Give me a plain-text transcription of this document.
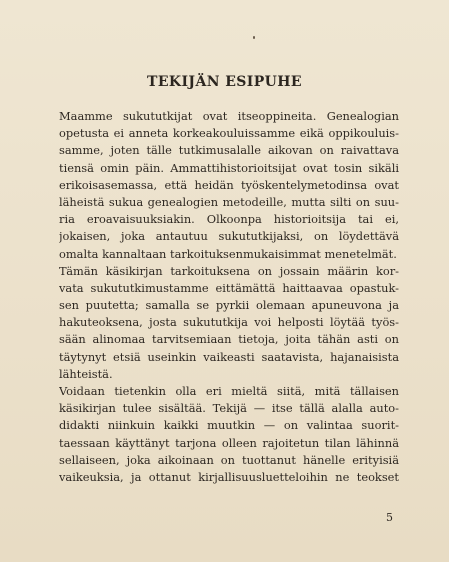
TEKIJÄN ESIPUHE
Maamme sukututkijat ovat itseoppineita. Genealogian
opetusta ei anneta korkeakouluissamme eikä oppikouluis-
samme, joten tälle tutkimusalalle aikovan on raivattava
tiensä omin päin. Ammattihistorioitsijat ovat tosin sikäli
erikoisasemassa, että heidän työskentelymetodinsa ovat
läheistä sukua genealogien metodeille, mutta silti on suu-
ria eroavaisuuksiakin. Olkoonpa historioitsija tai ei,
jokaisen, joka antautuu sukututkijaksi, on löydettävä
omalta kannaltaan tarkoituksenmukaisimmat menetelmät.
Tämän käsikirjan tarkoituksena on jossain määrin kor-
vata sukututkimustamme eittämättä haittaavaa opastuk-
sen puutetta; samalla se pyrkii olemaan apuneuvona ja
hakuteoksena, josta sukututkija voi helposti löytää työs-
sään alinomaa tarvitsemiaan tietoja, joita tähän asti on
täytynyt etsiä useinkin vaikeasti saatavista, hajanaisista
lähteistä.
Voidaan tietenkin olla eri mieltä siitä, mitä tällaisen
käsikirjan tulee sisältää. Tekijä — itse tällä alalla auto-
didakti niinkuin kaikki muutkin — on valintaa suorit-
taessaan käyttänyt tarjona olleen rajoitetun tilan lähinnä
sellaiseen, joka aikoinaan on tuottanut hänelle erityisiä
vaikeuksia, ja ottanut kirjallisuusluetteloihin ne teokset
5
